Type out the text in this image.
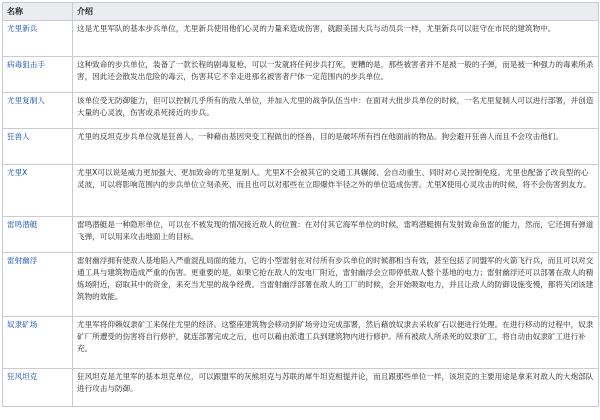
名称	介绍
尤里新兵	这是尤里军队的基本步兵单位，尤里新兵使用他们心灵的力量来造成伤害，就跟美国大兵与动员兵一样，尤里新兵可以驻守在市民的建筑物中。

病毒狙击手	这种致命的步兵单位，装备了一款长程的剧毒复枪，可以一发就将任何步兵打死，更糟的是，那些被害者并不是被一般的子弹，而是被一种强力的毒素所杀害，因此还会散发出危险的毒云，伤害其它不幸走进那名被害者尸体一定范围内的步兵单位。

尤里复制人	该单位受无防御能力，但可以控制几乎所有的敌人单位，并加入尤里的战争队伍当中：在面对大批步兵单位的时候，一名尤里复制人可以进行部署，并创造大量的心灵波，伤害或杀死接近的步兵。

狂兽人	尤里的反坦克步兵单位就是狂兽人，一种藉由基因突变工程做出的怪兽，目的是破坏所有挡在他面前的物品。狗会避开狂兽人而且不会攻击他们。

尤里X	尤里X可以说是威力更加强大、更加致命的尤里复制人。尤里X不会被其它的交通工具辗闻、会自动重生、同时对心灵控制免疫。尤里也配备了改良型的心灵波，可以将影响范围内的步兵单位立刻杀死，而且也可以对那些在立即爆炸半径之外的单位造成伤害。尤里X使用心灵攻击的时候，将不会伤害到友方。

雷鸣潜艇	雷鸣潜艇是一种隐形单位，可以在不被发现的情况接近敌人的位置：在对付其它海军单位的时候，雷鸣潜艇拥有发射致命鱼雷的能力，然而，它还拥有弹道飞弹，可以用来攻击地面上的目标。

雷射幽浮	雷射幽浮拥有使敌人基地陷入严重混乱局面的能力，它的小型雷射在对付所有步兵单位的时候都相当有效，甚至包括了同盟军的火箭飞行兵，而且可以对交通工具与建筑物造成严重的伤害。更重要的是，如果它抢在敌人的发电厂附近，雷射幽浮会立即停低敌人整个基地的电力；雷射幽浮还可以部署在敌人的精炼场附近，窃取其中的资金，来充当尤里的战争经费。当雷射幽浮部署在敌人的工厂的时候，会开始吸取电力，并且让敌人的防御设施变慢，都将关闭该建筑物的效能。

奴隶矿场	尤里军将仰赖奴隶矿工来保住尤里的经济。这整座建筑物会移动到矿场旁边完成部署，然后藉放奴隶去采收矿石以便进行处理。在进行移动的过程中，奴隶矿厂所遭受的伤害将自行修护，就连部署完成之后，也可以藉由派遣工兵到建筑物内进行修护。所有被敌人所杀死的奴隶矿工，将自动由奴隶矿工进行补充。

狂风坦克	狂风坦克是尤里军的基本坦克单位，可以跟盟军的灰熊坦克与苏联的犀牛坦克相提并论，而且跟那些单位一样，该坦克的主要用途是拿来对敌人的大炮部队进行攻击与防御。
